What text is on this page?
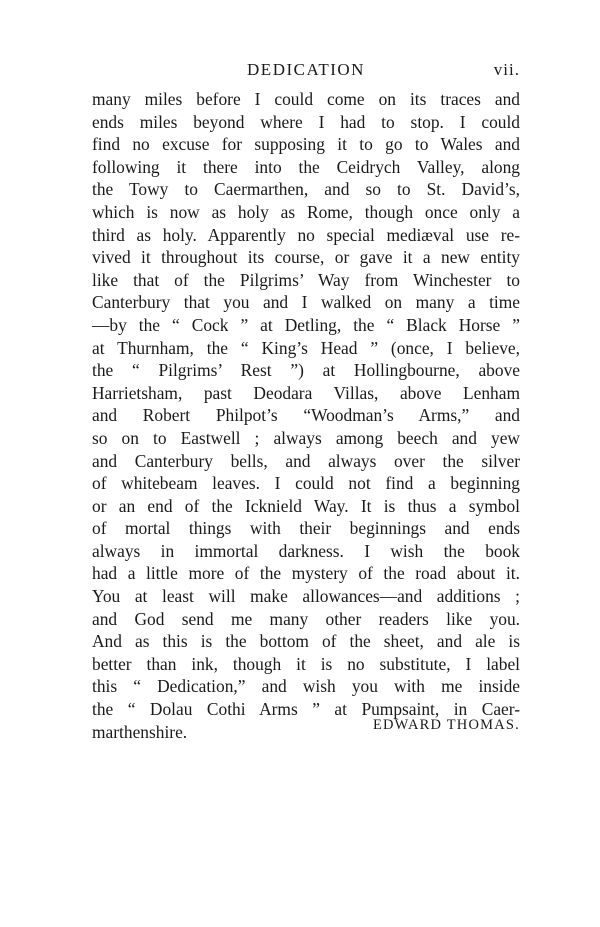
DEDICATION	vii.
many miles before I could come on its traces and
ends miles beyond where I had to stop. I could
find no excuse for supposing it to go to Wales and
following it there into the Ceidrych Valley, along
the Towy to Caermarthen, and so to St. David’s,
which is now as holy as Rome, though once only a
third as holy. Apparently no special mediæval use re-
vived it throughout its course, or gave it a new entity
like that of the Pilgrims’ Way from Winchester to
Canterbury that you and I walked on many a time
—by the “ Cock ” at Detling, the “ Black Horse ”
at Thurnham, the “ King’s Head ” (once, I believe,
the “ Pilgrims’ Rest ”) at Hollingbourne, above
Harrietsham, past Deodara Villas, above Lenham
and Robert Philpot’s “Woodman’s Arms,” and
so on to Eastwell ; always among beech and yew
and Canterbury bells, and always over the silver
of whitebeam leaves. I could not find a beginning
or an end of the Icknield Way. It is thus a symbol
of mortal things with their beginnings and ends
always in immortal darkness. I wish the book
had a little more of the mystery of the road about it.
You at least will make allowances—and additions ;
and God send me many other readers like you.
And as this is the bottom of the sheet, and ale is
better than ink, though it is no substitute, I label
this “ Dedication,” and wish you with me inside
the “ Dolau Cothi Arms ” at Pumpsaint, in Caer-
marthenshire.	EDWARD THOMAS.
